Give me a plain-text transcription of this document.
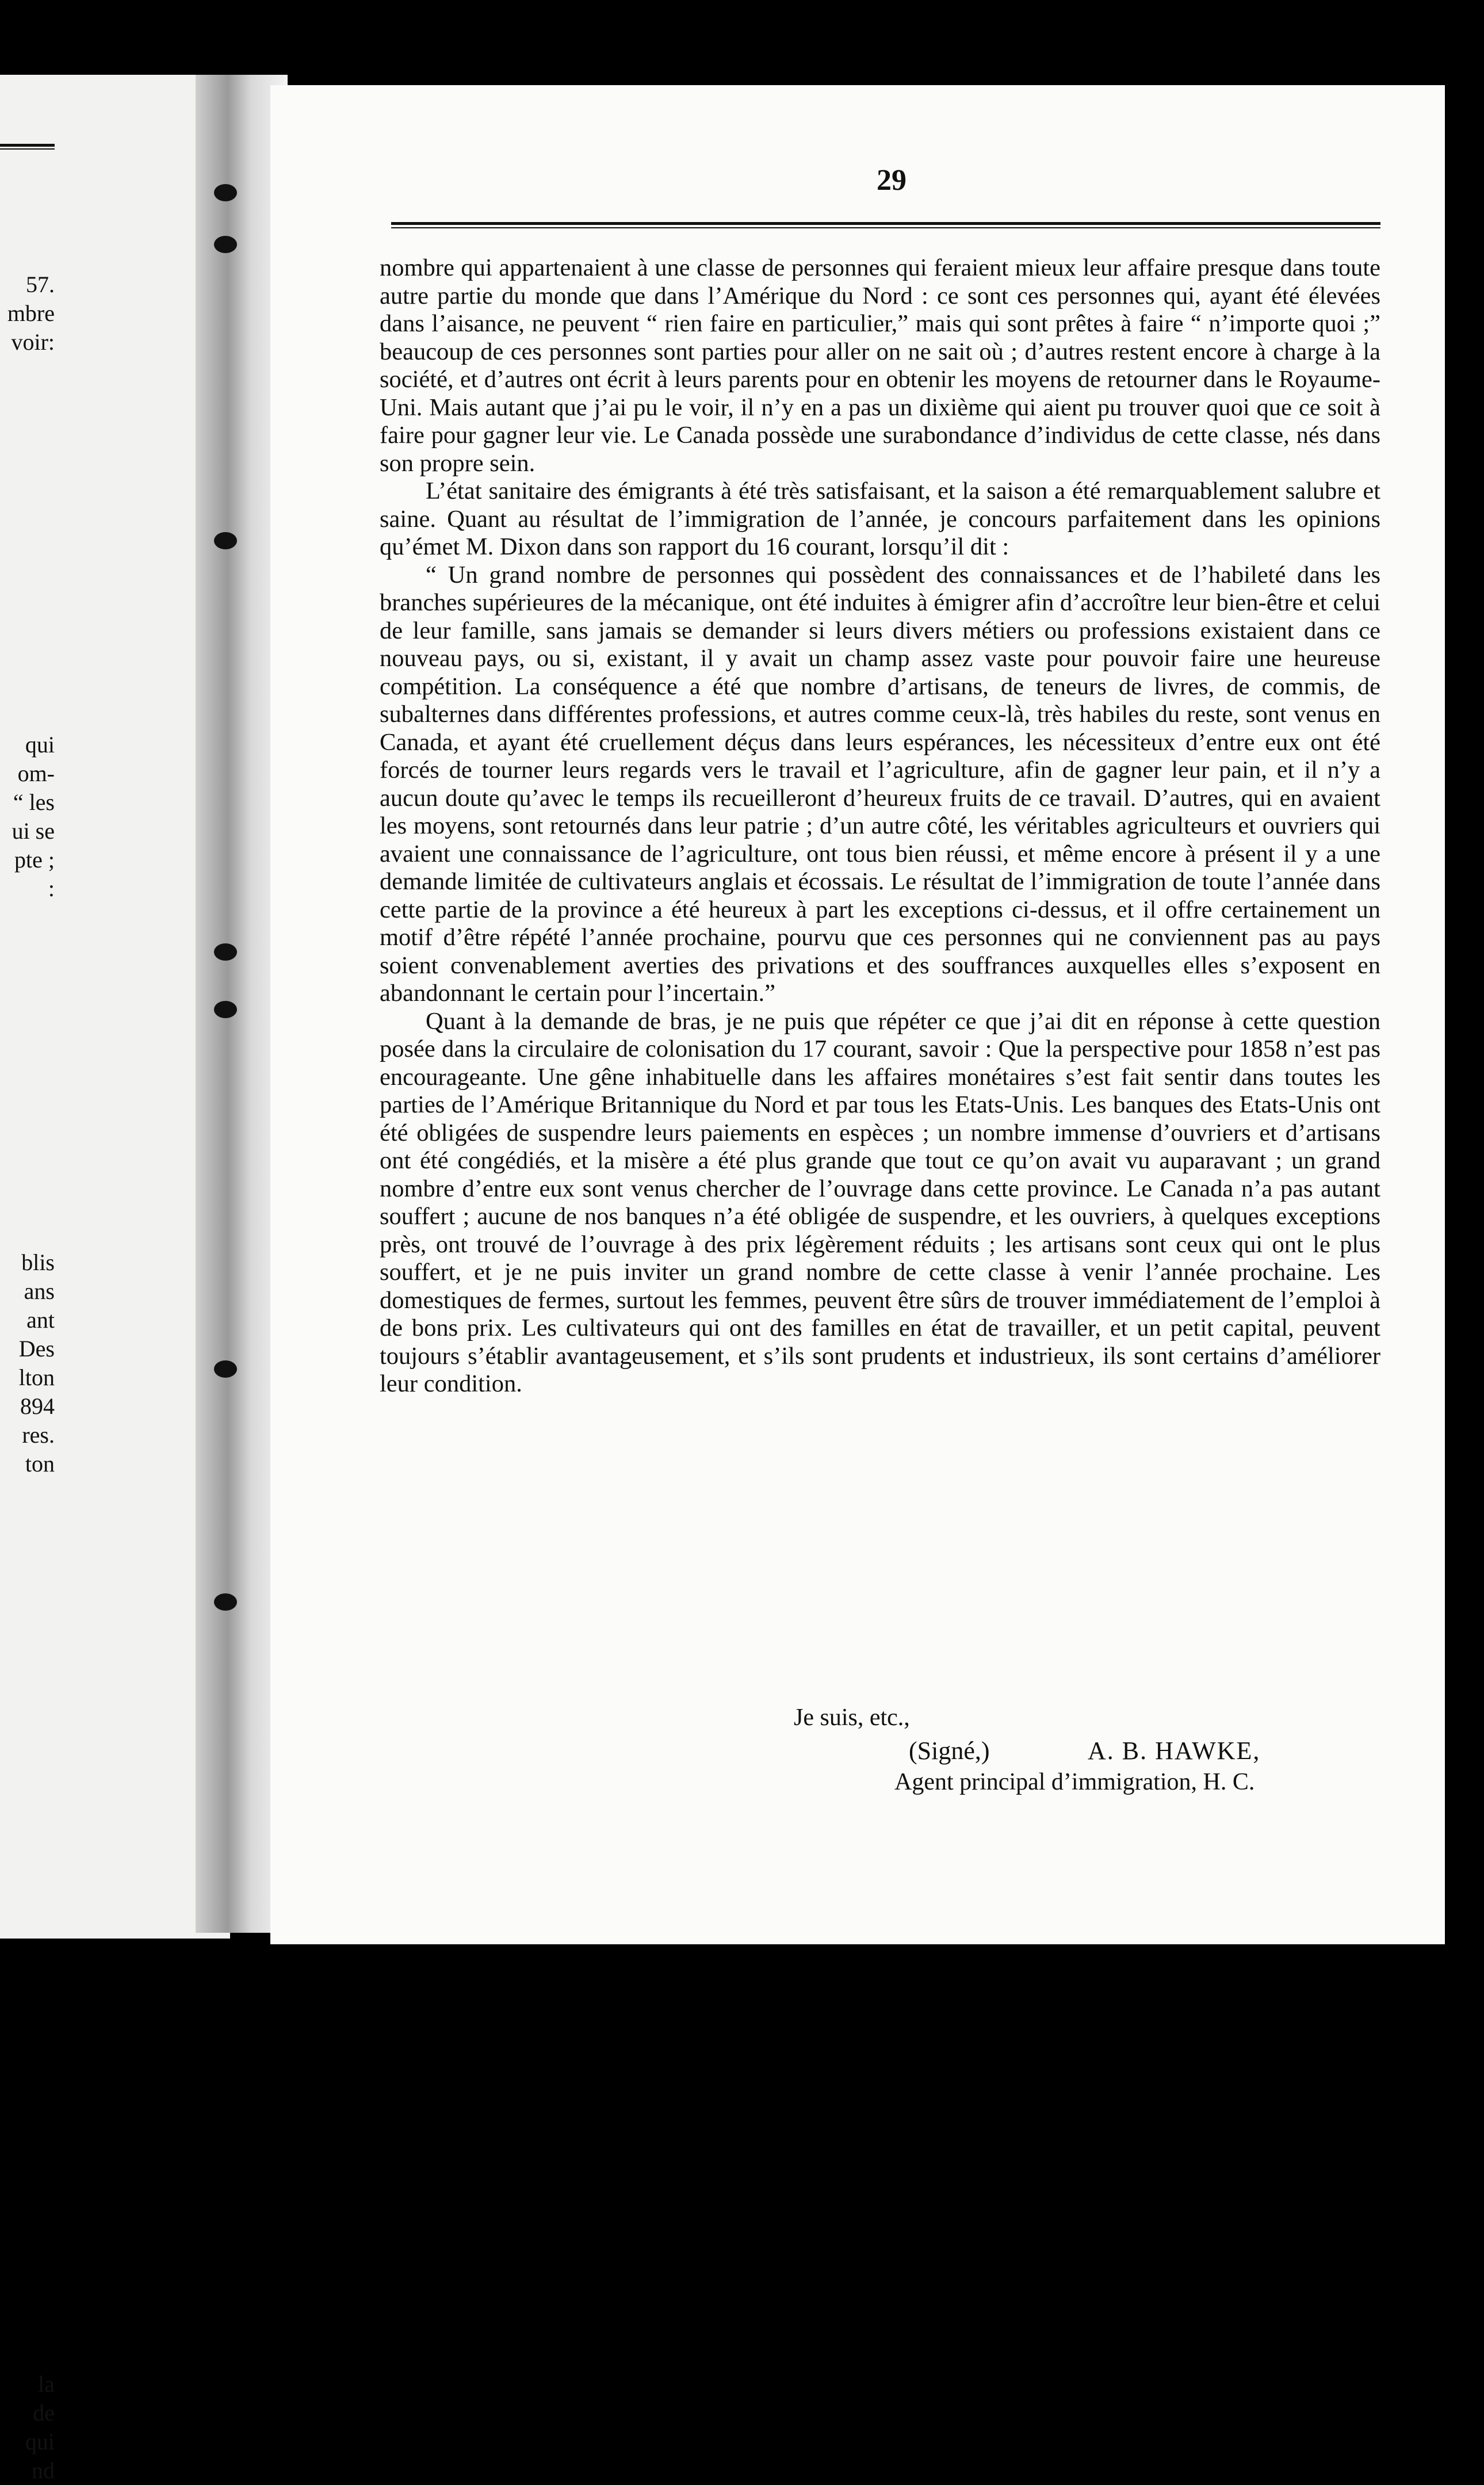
57.
mbre
voir:
qui
om-
“ les
ui se
pte ;
:
blis
ans
ant
Des
lton
894
res.
ton
la
de
qui
nd
29

nombre qui appartenaient à une classe de personnes qui feraient mieux leur affaire presque dans toute autre partie du monde que dans l’Amérique du Nord : ce sont ces personnes qui, ayant été élevées dans l’aisance, ne peuvent “ rien faire en particulier,” mais qui sont prêtes à faire “ n’importe quoi ;” beaucoup de ces personnes sont parties pour aller on ne sait où ; d’autres restent encore à charge à la société, et d’autres ont écrit à leurs parents pour en obtenir les moyens de retourner dans le Royaume-Uni. Mais autant que j’ai pu le voir, il n’y en a pas un dixième qui aient pu trouver quoi que ce soit à faire pour gagner leur vie. Le Canada possède une surabondance d’individus de cette classe, nés dans son propre sein.

L’état sanitaire des émigrants à été très satisfaisant, et la saison a été remarquablement salubre et saine. Quant au résultat de l’immigration de l’année, je concours parfaitement dans les opinions qu’émet M. Dixon dans son rapport du 16 courant, lorsqu’il dit :

“ Un grand nombre de personnes qui possèdent des connaissances et de l’habileté dans les branches supérieures de la mécanique, ont été induites à émigrer afin d’accroître leur bien-être et celui de leur famille, sans jamais se demander si leurs divers métiers ou professions existaient dans ce nouveau pays, ou si, existant, il y avait un champ assez vaste pour pouvoir faire une heureuse compétition. La conséquence a été que nombre d’artisans, de teneurs de livres, de commis, de subalternes dans différentes professions, et autres comme ceux-là, très habiles du reste, sont venus en Canada, et ayant été cruellement déçus dans leurs espérances, les nécessiteux d’entre eux ont été forcés de tourner leurs regards vers le travail et l’agriculture, afin de gagner leur pain, et il n’y a aucun doute qu’avec le temps ils recueilleront d’heureux fruits de ce travail. D’autres, qui en avaient les moyens, sont retournés dans leur patrie ; d’un autre côté, les véritables agriculteurs et ouvriers qui avaient une connaissance de l’agriculture, ont tous bien réussi, et même encore à présent il y a une demande limitée de cultivateurs anglais et écossais. Le résultat de l’immigration de toute l’année dans cette partie de la province a été heureux à part les exceptions ci-dessus, et il offre certainement un motif d’être répété l’année prochaine, pourvu que ces personnes qui ne conviennent pas au pays soient convenablement averties des privations et des souffrances auxquelles elles s’exposent en abandonnant le certain pour l’incertain.”

Quant à la demande de bras, je ne puis que répéter ce que j’ai dit en réponse à cette question posée dans la circulaire de colonisation du 17 courant, savoir : Que la perspective pour 1858 n’est pas encourageante. Une gêne inhabituelle dans les affaires monétaires s’est fait sentir dans toutes les parties de l’Amérique Britannique du Nord et par tous les Etats-Unis. Les banques des Etats-Unis ont été obligées de suspendre leurs paiements en espèces ; un nombre immense d’ouvriers et d’artisans ont été congédiés, et la misère a été plus grande que tout ce qu’on avait vu auparavant ; un grand nombre d’entre eux sont venus chercher de l’ouvrage dans cette province. Le Canada n’a pas autant souffert ; aucune de nos banques n’a été obligée de suspendre, et les ouvriers, à quelques exceptions près, ont trouvé de l’ouvrage à des prix légèrement réduits ; les artisans sont ceux qui ont le plus souffert, et je ne puis inviter un grand nombre de cette classe à venir l’année prochaine. Les domestiques de fermes, surtout les femmes, peuvent être sûrs de trouver immédiatement de l’emploi à de bons prix. Les cultivateurs qui ont des familles en état de travailler, et un petit capital, peuvent toujours s’établir avantageusement, et s’ils sont prudents et industrieux, ils sont certains d’améliorer leur condition.

Je suis, etc.,
(Signé,)	A. B. HAWKE,
Agent principal d’immigration, H. C.
